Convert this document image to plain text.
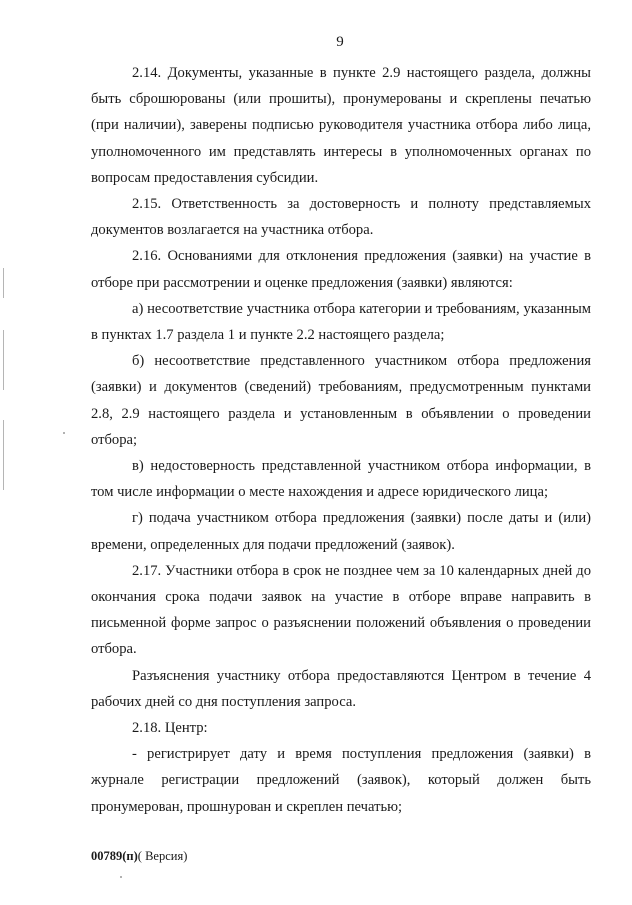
9

2.14. Документы, указанные в пункте 2.9 настоящего раздела, должны быть сброшюрованы (или прошиты), пронумерованы и скреплены печатью (при наличии), заверены подписью руководителя участника отбора либо лица, уполномоченного им представлять интересы в уполномоченных органах по вопросам предоставления субсидии.

2.15. Ответственность за достоверность и полноту представляемых документов возлагается на участника отбора.

2.16. Основаниями для отклонения предложения (заявки) на участие в отборе при рассмотрении и оценке предложения (заявки) являются:

а) несоответствие участника отбора категории и требованиям, указанным в пунктах 1.7 раздела 1 и пункте 2.2 настоящего раздела;

б) несоответствие представленного участником отбора предложения (заявки) и документов (сведений) требованиям, предусмотренным пунктами 2.8, 2.9 настоящего раздела и установленным в объявлении о проведении отбора;

в) недостоверность представленной участником отбора информации, в том числе информации о месте нахождения и адресе юридического лица;

г) подача участником отбора предложения (заявки) после даты и (или) времени, определенных для подачи предложений (заявок).

2.17. Участники отбора в срок не позднее чем за 10 календарных дней до окончания срока подачи заявок на участие в отборе вправе направить в письменной форме запрос о разъяснении положений объявления о проведении отбора.

Разъяснения участнику отбора предоставляются Центром в течение 4 рабочих дней со дня поступления запроса.

2.18. Центр:

- регистрирует дату и время поступления предложения (заявки) в журнале регистрации предложений (заявок), который должен быть пронумерован, прошнурован и скреплен печатью;

00789(п)( Версия)
